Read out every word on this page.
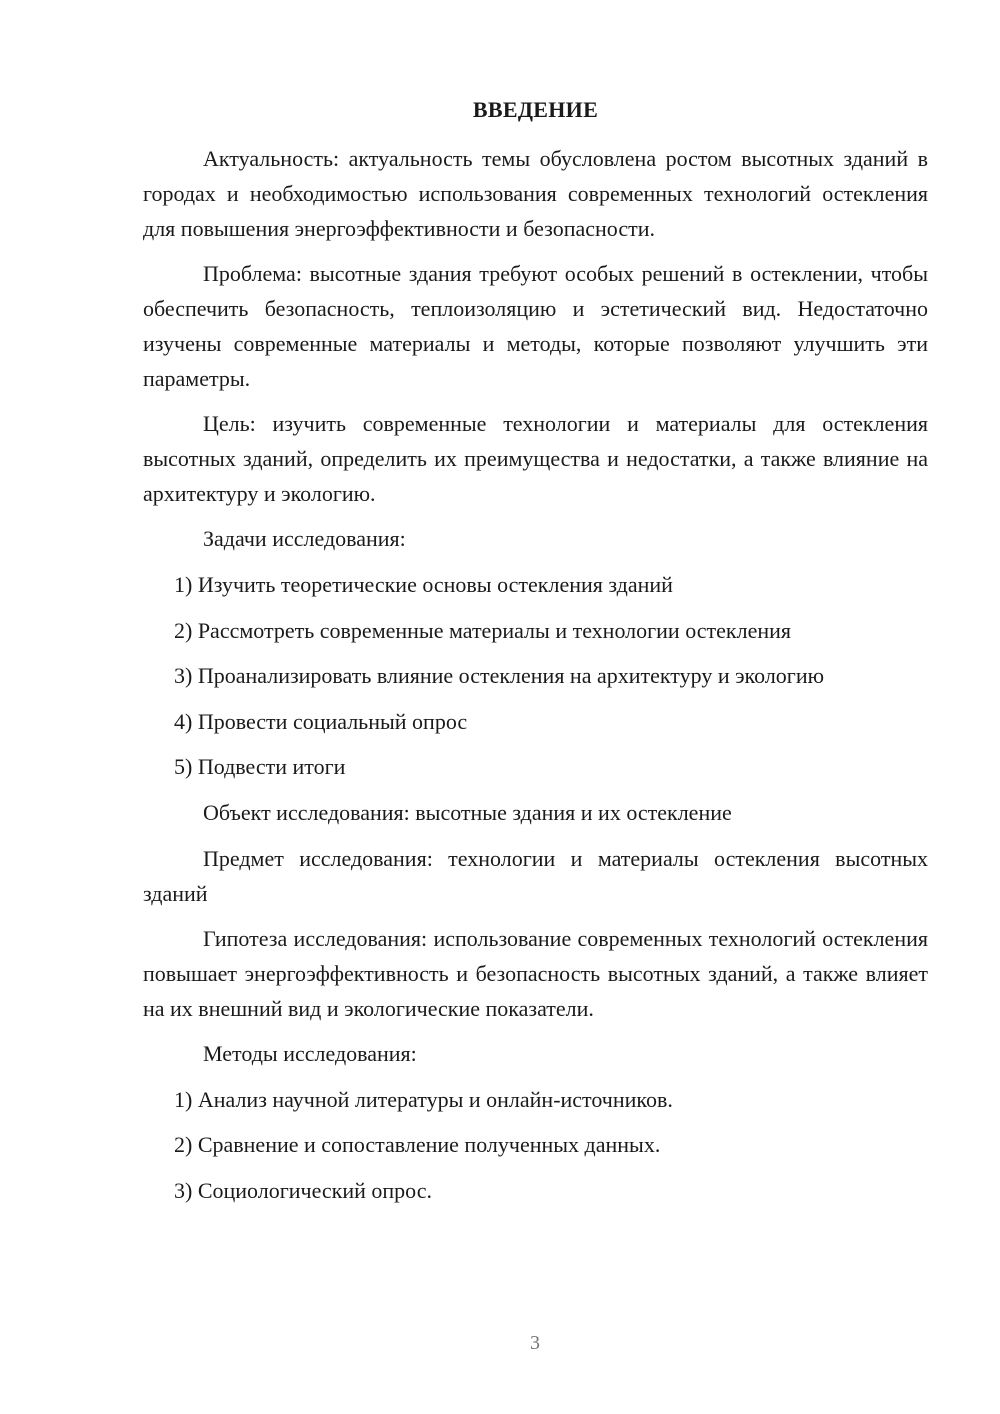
ВВЕДЕНИЕ

Актуальность: актуальность темы обусловлена ростом высотных зданий в городах и необходимостью использования современных технологий остекления для повышения энергоэффективности и безопасности.

Проблема: высотные здания требуют особых решений в остеклении, чтобы обеспечить безопасность, теплоизоляцию и эстетический вид. Недостаточно изучены современные материалы и методы, которые позволяют улучшить эти параметры.

Цель: изучить современные технологии и материалы для остекления высотных зданий, определить их преимущества и недостатки, а также влияние на архитектуру и экологию.

Задачи исследования:

1) Изучить теоретические основы остекления зданий
2) Рассмотреть современные материалы и технологии остекления
3) Проанализировать влияние остекления на архитектуру и экологию
4) Провести социальный опрос
5) Подвести итоги

Объект исследования: высотные здания и их остекление

Предмет исследования: технологии и материалы остекления высотных зданий

Гипотеза исследования: использование современных технологий остекления повышает энергоэффективность и безопасность высотных зданий, а также влияет на их внешний вид и экологические показатели.

Методы исследования:

1) Анализ научной литературы и онлайн-источников.
2) Сравнение и сопоставление полученных данных.
3) Социологический опрос.
3
